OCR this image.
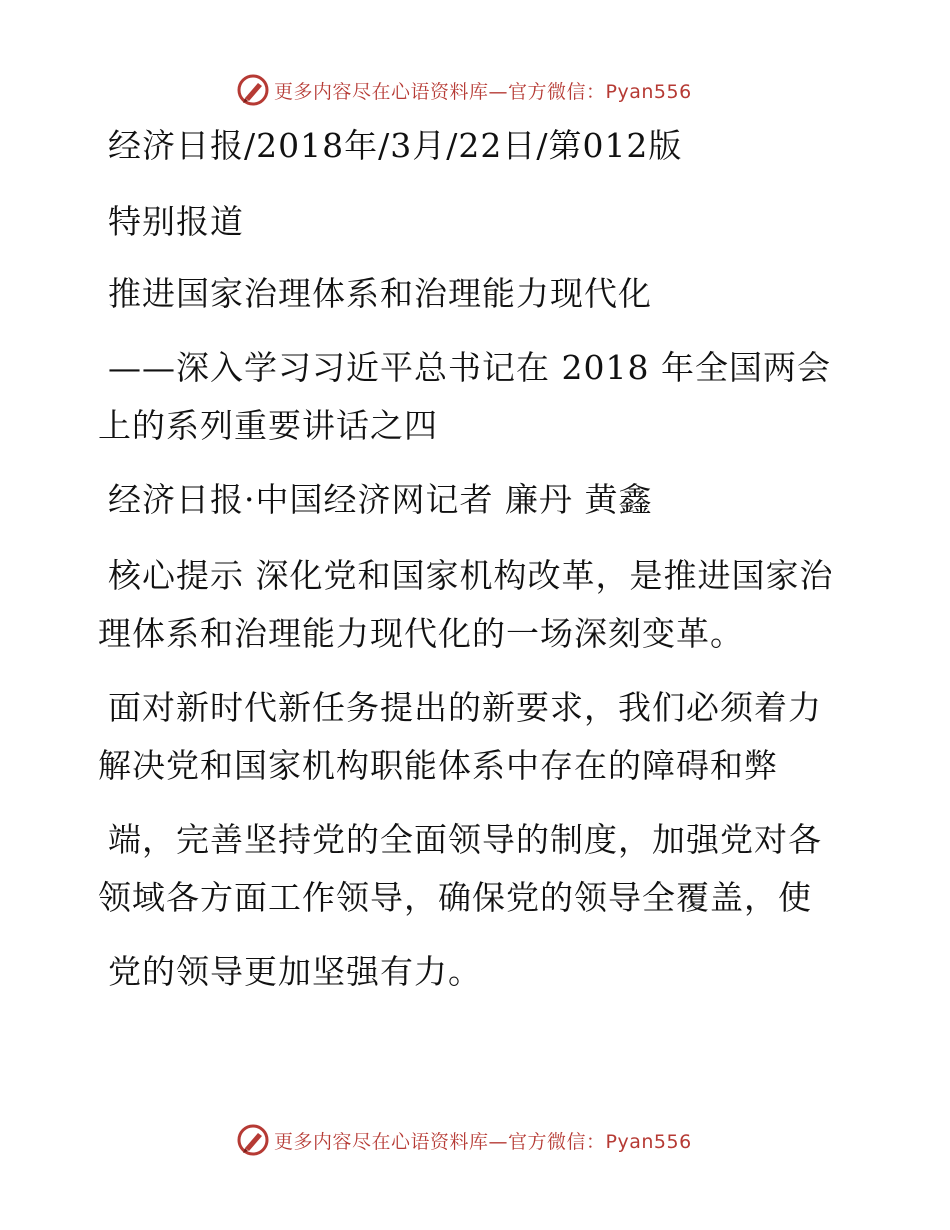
更多内容尽在心语资料库—官方微信：Pyan556
经济日报/2018年/3月/22日/第012版
特别报道
推进国家治理体系和治理能力现代化
——深入学习习近平总书记在 2018 年全国两会
上的系列重要讲话之四
经济日报·中国经济网记者 廉丹 黄鑫
核心提示 深化党和国家机构改革，是推进国家治
理体系和治理能力现代化的一场深刻变革。
面对新时代新任务提出的新要求，我们必须着力
解决党和国家机构职能体系中存在的障碍和弊
端，完善坚持党的全面领导的制度，加强党对各
领域各方面工作领导，确保党的领导全覆盖，使
党的领导更加坚强有力。
更多内容尽在心语资料库—官方微信：Pyan556
